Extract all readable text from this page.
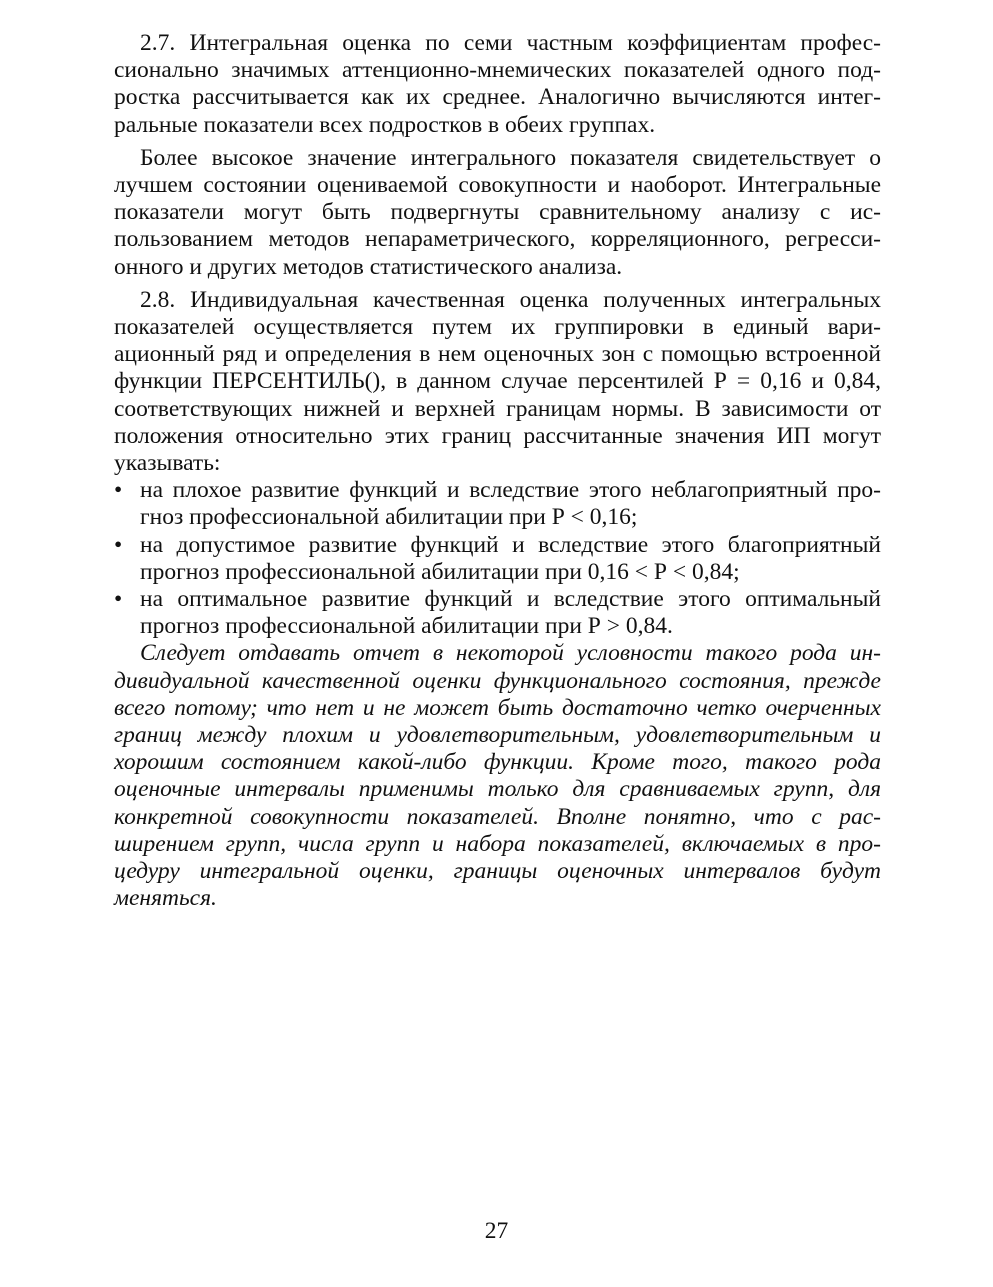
2.7. Интегральная оценка по семи частным коэффициентам профессионально значимых аттенционно-мнемических показателей одного подростка рассчитывается как их среднее. Аналогично вычисляются интегральные показатели всех подростков в обеих группах.

Более высокое значение интегрального показателя свидетельствует о лучшем состоянии оцениваемой совокупности и наоборот. Интегральные показатели могут быть подвергнуты сравнительному анализу с использованием методов непараметрического, корреляционного, регрессионного и других методов статистического анализа.

2.8. Индивидуальная качественная оценка полученных интегральных показателей осуществляется путем их группировки в единый вариационный ряд и определения в нем оценочных зон с помощью встроенной функции ПЕРСЕНТИЛЬ(), в данном случае персентилей Р = 0,16 и 0,84, соответствующих нижней и верхней границам нормы. В зависимости от положения относительно этих границ рассчитанные значения ИП могут указывать:

• на плохое развитие функций и вследствие этого неблагоприятный прогноз профессиональной абилитации при Р < 0,16;
• на допустимое развитие функций и вследствие этого благоприятный прогноз профессиональной абилитации при 0,16 < Р < 0,84;
• на оптимальное развитие функций и вследствие этого оптимальный прогноз профессиональной абилитации при Р > 0,84.

Следует отдавать отчет в некоторой условности такого рода индивидуальной качественной оценки функционального состояния, прежде всего потому; что нет и не может быть достаточно четко очерченных границ между плохим и удовлетворительным, удовлетворительным и хорошим состоянием какой-либо функции. Кроме того, такого рода оценочные интервалы применимы только для сравниваемых групп, для конкретной совокупности показателей. Вполне понятно, что с расширением групп, числа групп и набора показателей, включаемых в процедуру интегральной оценки, границы оценочных интервалов будут меняться.

27
